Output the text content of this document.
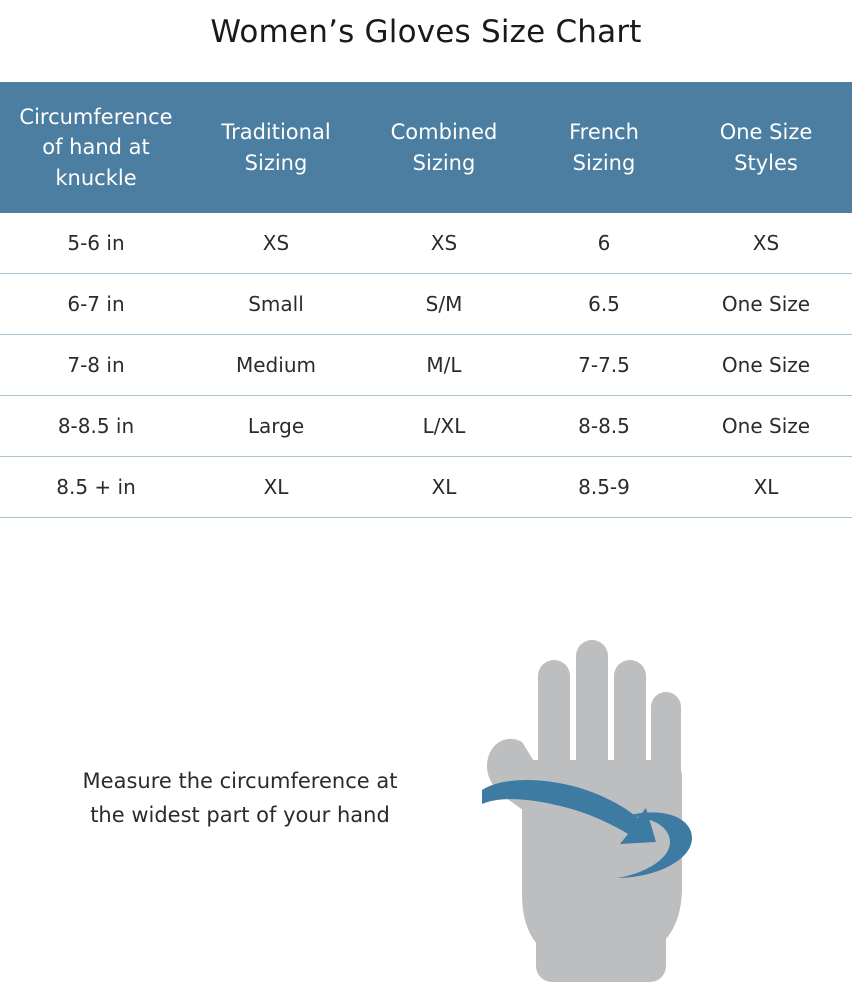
Women’s Gloves Size Chart
Circumference of hand at knuckle	Traditional Sizing	Combined Sizing	French Sizing	One Size Styles
5-6 in	XS	XS	6	XS
6-7 in	Small	S/M	6.5	One Size
7-8 in	Medium	M/L	7-7.5	One Size
8-8.5 in	Large	L/XL	8-8.5	One Size
8.5 + in	XL	XL	8.5-9	XL
Measure the circumference at
the widest part of your hand
